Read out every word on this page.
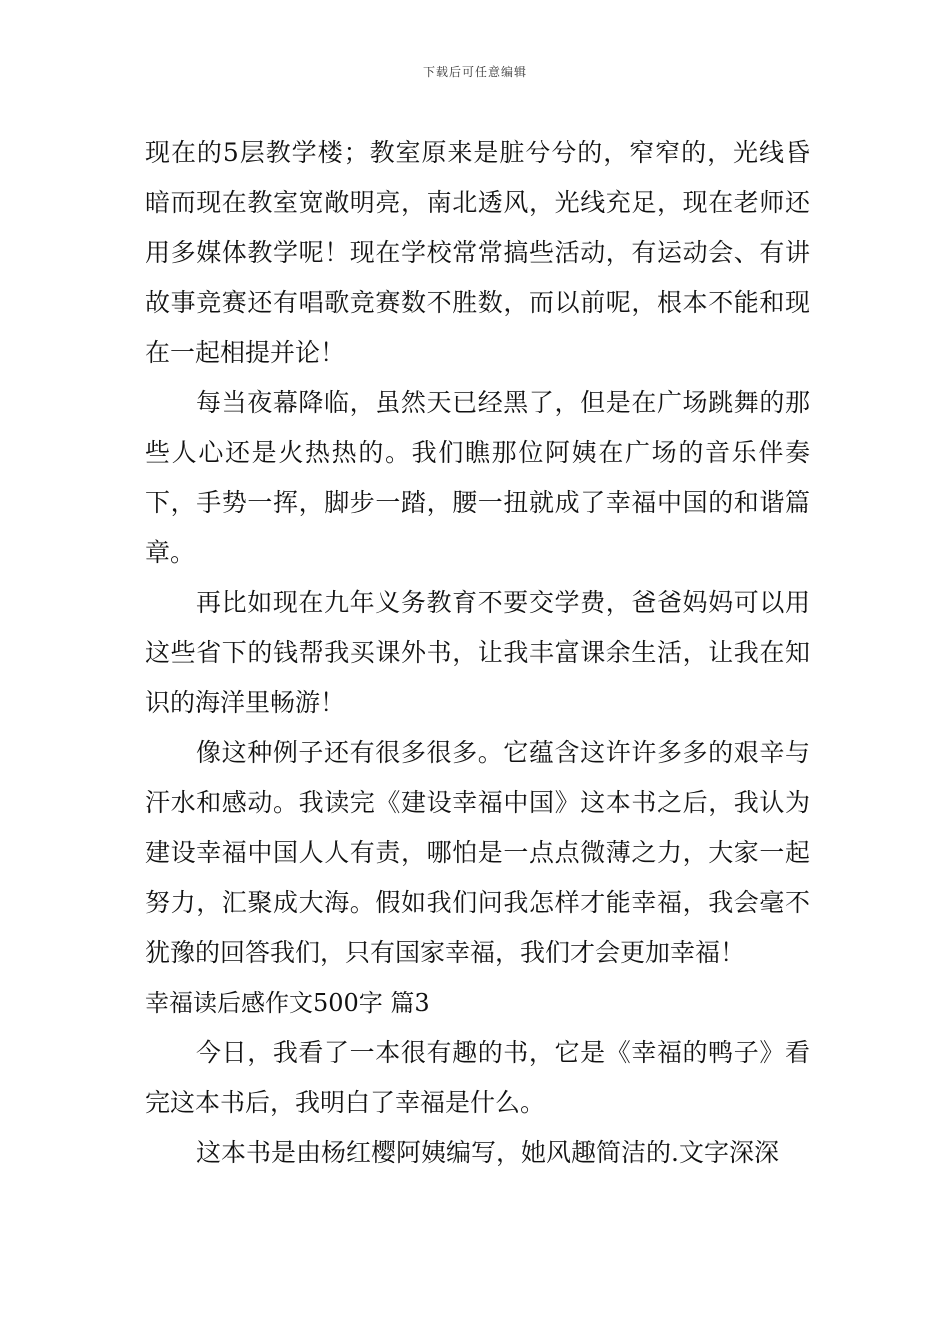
下载后可任意编辑

现在的5层教学楼；教室原来是脏兮兮的，窄窄的，光线昏暗而现在教室宽敞明亮，南北透风，光线充足，现在老师还用多媒体教学呢！现在学校常常搞些活动，有运动会、有讲故事竞赛还有唱歌竞赛数不胜数，而以前呢，根本不能和现在一起相提并论！

每当夜幕降临，虽然天已经黑了，但是在广场跳舞的那些人心还是火热热的。我们瞧那位阿姨在广场的音乐伴奏下，手势一挥，脚步一踏，腰一扭就成了幸福中国的和谐篇章。

再比如现在九年义务教育不要交学费，爸爸妈妈可以用这些省下的钱帮我买课外书，让我丰富课余生活，让我在知识的海洋里畅游！

像这种例子还有很多很多。它蕴含这许许多多的艰辛与汗水和感动。我读完《建设幸福中国》这本书之后，我认为建设幸福中国人人有责，哪怕是一点点微薄之力，大家一起努力，汇聚成大海。假如我们问我怎样才能幸福，我会毫不犹豫的回答我们，只有国家幸福，我们才会更加幸福！

幸福读后感作文500字 篇3

今日，我看了一本很有趣的书，它是《幸福的鸭子》看完这本书后，我明白了幸福是什么。

这本书是由杨红樱阿姨编写，她风趣简洁的.文字深深
